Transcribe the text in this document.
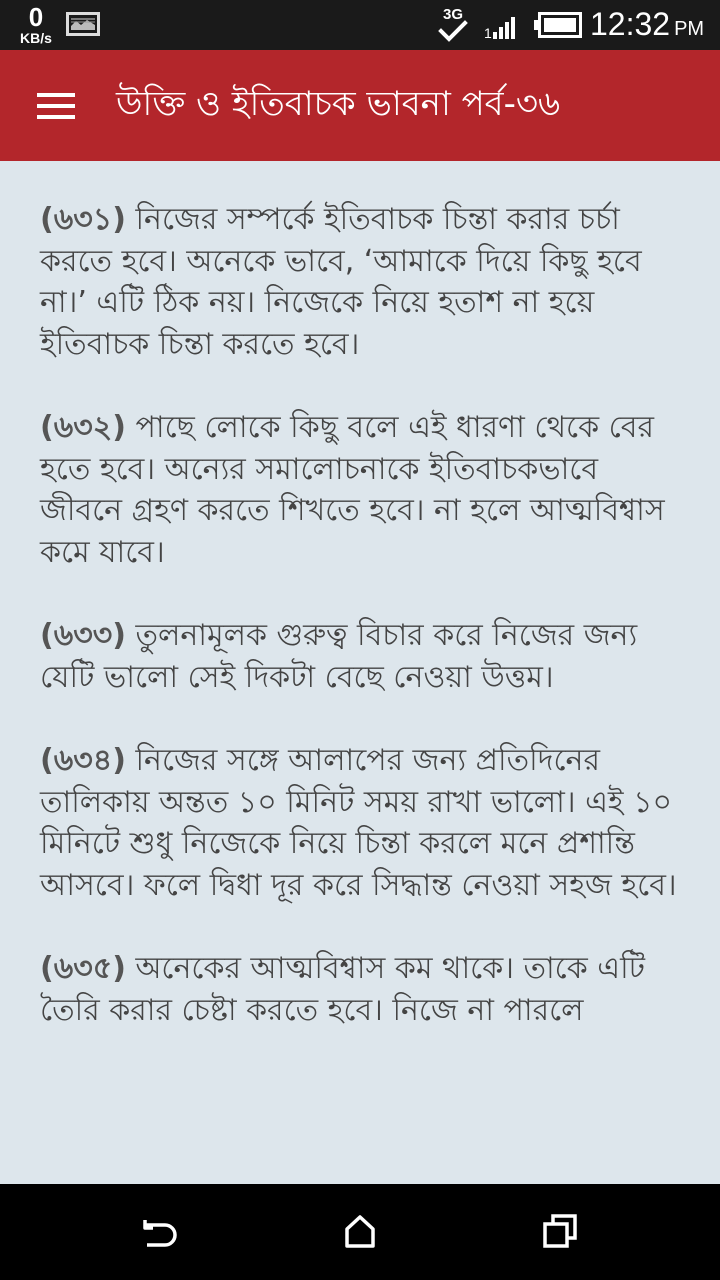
0
KB/s
3G
1	12:32 PM
উক্তি ও ইতিবাচক ভাবনা পর্ব-৩৬
(৬৩১) নিজের সম্পর্কে ইতিবাচক চিন্তা করার চর্চা করতে হবে। অনেকে ভাবে, ‘আমাকে দিয়ে কিছু হবে না।’ এটি ঠিক নয়। নিজেকে নিয়ে হতাশ না হয়ে ইতিবাচক চিন্তা করতে হবে।
(৬৩২) পাছে লোকে কিছু বলে এই ধারণা থেকে বের হতে হবে। অন্যের সমালোচনাকে ইতিবাচকভাবে জীবনে গ্রহণ করতে শিখতে হবে। না হলে আত্মবিশ্বাস কমে যাবে।
(৬৩৩) তুলনামূলক গুরুত্ব বিচার করে নিজের জন্য যেটি ভালো সেই দিকটা বেছে নেওয়া উত্তম।
(৬৩৪) নিজের সঙ্গে আলাপের জন্য প্রতিদিনের তালিকায় অন্তত ১০ মিনিট সময় রাখা ভালো। এই ১০ মিনিটে শুধু নিজেকে নিয়ে চিন্তা করলে মনে প্রশান্তি আসবে। ফলে দ্বিধা দূর করে সিদ্ধান্ত নেওয়া সহজ হবে।
(৬৩৫) অনেকের আত্মবিশ্বাস কম থাকে। তাকে এটি তৈরি করার চেষ্টা করতে হবে। নিজে না পারলে
